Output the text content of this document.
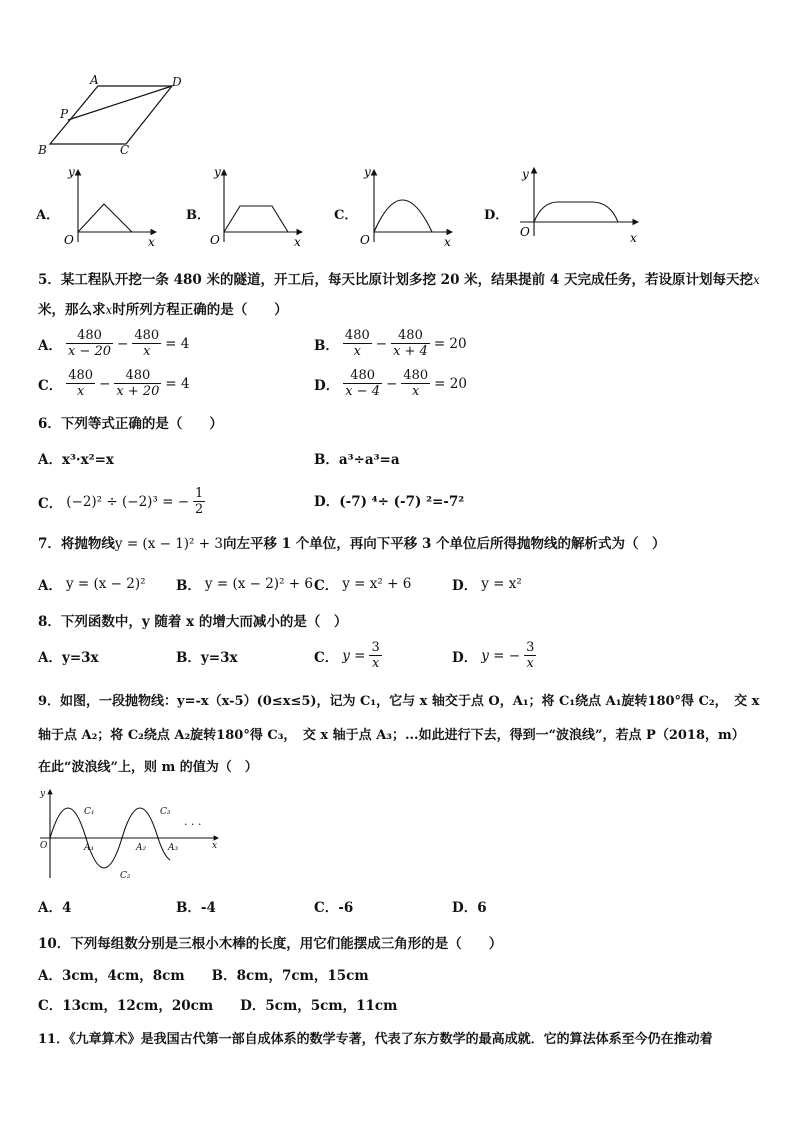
A	D
P
B	C
A．
y
O	x
B．
y
O	x
C．
y
O	x
D．
y
O	x
5．某工程队开挖一条 480 米的隧道，开工后，每天比原计划多挖 20 米，结果提前 4 天完成任务，若设原计划每天挖x
米，那么求x时所列方程正确的是（　　）
A． $\frac{480}{x - 20} - \frac{480}{x} = 4$	B． $\frac{480}{x} - \frac{480}{x + 4} = 20$
C． $\frac{480}{x} - \frac{480}{x + 20} = 4$	D． $\frac{480}{x - 4} - \frac{480}{x} = 20$
6．下列等式正确的是（　　）
A．x³·x²=x	B．a³÷a³=a
C． (−2)² ÷ (−2)³ = − $\frac{1}{2}$	D．(-7) ⁴÷ (-7) ²=-7²
7．将抛物线y = (x − 1)² + 3向左平移 1 个单位，再向下平移 3 个单位后所得抛物线的解析式为（　）
A． y = (x − 2)² B． y = (x − 2)² + 6 C． y = x² + 6	D． y = x²
8．下列函数中，y 随着 x 的增大而减小的是（　）
A．y=3x	B．y=3x	C． $y = \frac{3}{x}$	D． y = − $\frac{3}{x}$
9．如图，一段抛物线：y=-x（x-5）(0≤x≤5)，记为 C₁，它与 x 轴交于点 O，A₁；将 C₁绕点 A₁旋转180°得 C₂，　交 x
轴于点 A₂；将 C₂绕点 A₂旋转180°得 C₃，　交 x 轴于点 A₃；...如此进行下去，得到一“波浪线”，若点 P（2018，m）
在此“波浪线”上，则 m 的值为（　）
y
x
O
C₁
C₂
C₃
A₁	A₂ A₃
· · ·
A．4	B．-4	C．-6	D．6
10．下列每组数分别是三根小木棒的长度，用它们能摆成三角形的是（　　）
A．3cm，4cm，8cm　　B．8cm，7cm，15cm
C．13cm，12cm，20cm　　D．5cm，5cm，11cm
11．《九章算术》是我国古代第一部自成体系的数学专著，代表了东方数学的最高成就．它的算法体系至今仍在推动着
